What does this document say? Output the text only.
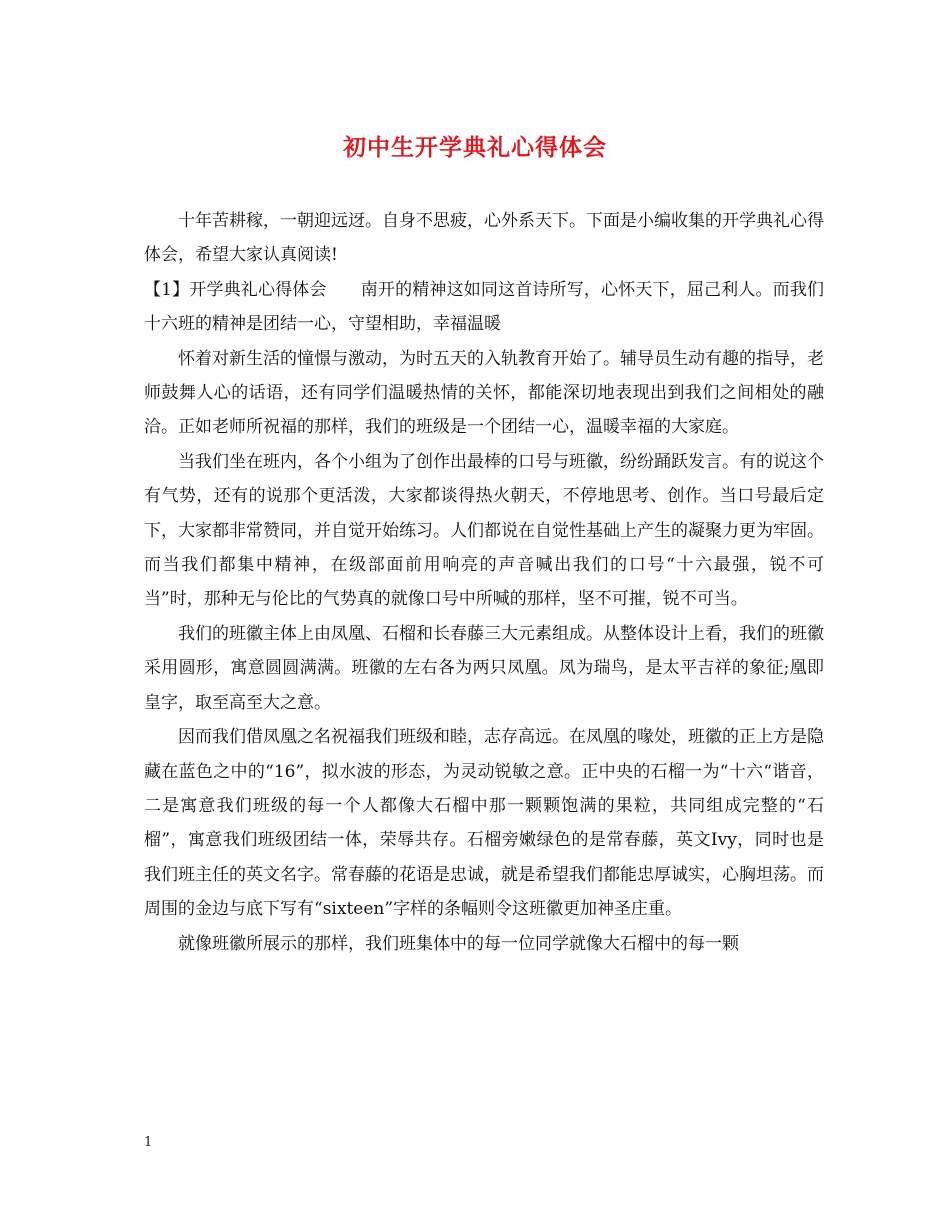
初中生开学典礼心得体会

十年苦耕稼，一朝迎远迓。自身不思疲，心外系天下。下面是小编收集的开学典礼心得体会，希望大家认真阅读!

【1】开学典礼心得体会 南开的精神这如同这首诗所写，心怀天下，屈己利人。而我们十六班的精神是团结一心，守望相助，幸福温暖

怀着对新生活的憧憬与激动，为时五天的入轨教育开始了。辅导员生动有趣的指导，老师鼓舞人心的话语，还有同学们温暖热情的关怀，都能深切地表现出到我们之间相处的融洽。正如老师所祝福的那样，我们的班级是一个团结一心，温暖幸福的大家庭。

当我们坐在班内，各个小组为了创作出最棒的口号与班徽，纷纷踊跃发言。有的说这个有气势，还有的说那个更活泼，大家都谈得热火朝天，不停地思考、创作。当口号最后定下，大家都非常赞同，并自觉开始练习。人们都说在自觉性基础上产生的凝聚力更为牢固。而当我们都集中精神，在级部面前用响亮的声音喊出我们的口号“十六最强，锐不可当”时，那种无与伦比的气势真的就像口号中所喊的那样，坚不可摧，锐不可当。

我们的班徽主体上由凤凰、石榴和长春藤三大元素组成。从整体设计上看，我们的班徽采用圆形，寓意圆圆满满。班徽的左右各为两只凤凰。凤为瑞鸟，是太平吉祥的象征;凰即皇字，取至高至大之意。

因而我们借凤凰之名祝福我们班级和睦，志存高远。在凤凰的喙处，班徽的正上方是隐藏在蓝色之中的“16”，拟水波的形态，为灵动锐敏之意。正中央的石榴一为“十六“谐音，二是寓意我们班级的每一个人都像大石榴中那一颗颗饱满的果粒，共同组成完整的“石榴”，寓意我们班级团结一体，荣辱共存。石榴旁嫩绿色的是常春藤，英文Ivy，同时也是我们班主任的英文名字。常春藤的花语是忠诚，就是希望我们都能忠厚诚实，心胸坦荡。而周围的金边与底下写有“sixteen”字样的条幅则令这班徽更加神圣庄重。

就像班徽所展示的那样，我们班集体中的每一位同学就像大石榴中的每一颗

1
